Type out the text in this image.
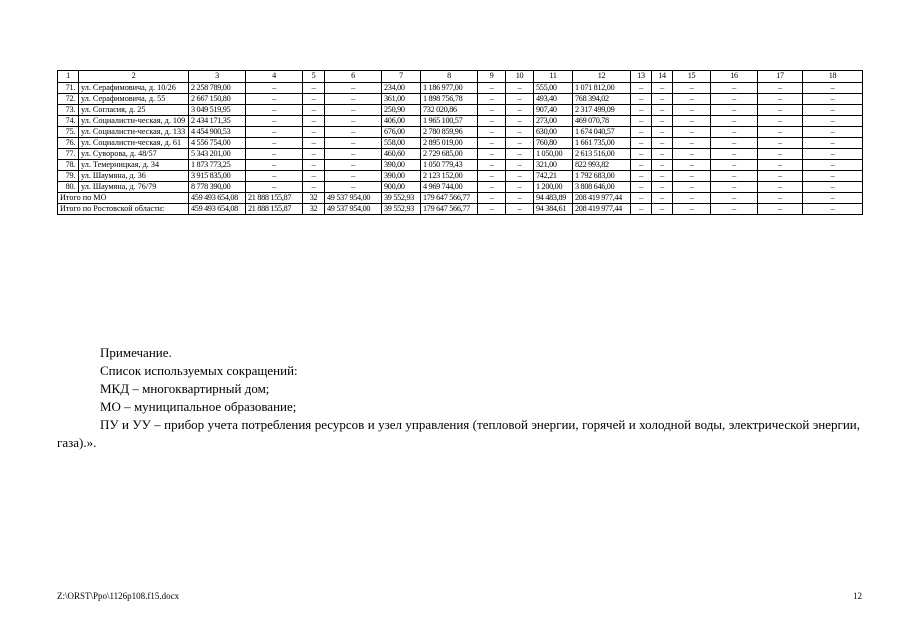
1	2	3	4	5	6	7	8	9	10	11	12	13	14	15	16	17	18
71.	ул. Серафимовича, д. 10/26	2 258 789,00	–	–	–	234,00	1 186 977,00	–	–	555,00	1 071 812,00	–	–	–	–	–	–
72.	ул. Серафимовича, д. 55	2 667 150,80	–	–	–	361,00	1 898 756,78	–	–	493,40	768 394,02	–	–	–	–	–	–
73.	ул. Согласия, д. 25	3 049 519,95	–	–	–	250,90	732 020,86	–	–	907,40	2 317 499,09	–	–	–	–	–	–
74.	ул. Социалисти-ческая, д. 109	2 434 171,35	–	–	–	406,00	1 965 100,57	–	–	273,00	469 070,78	–	–	–	–	–	–
75.	ул. Социалисти-ческая, д. 133	4 454 900,53	–	–	–	676,00	2 780 859,96	–	–	630,00	1 674 040,57	–	–	–	–	–	–
76.	ул. Социалисти-ческая, д. 61	4 556 754,00	–	–	–	558,00	2 895 019,00	–	–	760,80	1 661 735,00	–	–	–	–	–	–
77.	ул. Суворова, д. 48/57	5 343 201,00	–	–	–	460,60	2 729 685,00	–	–	1 050,00	2 613 516,00	–	–	–	–	–	–
78.	ул. Темерницкая, д. 34	1 873 773,25	–	–	–	390,00	1 050 779,43	–	–	321,00	822 993,82	–	–	–	–	–	–
79.	ул. Шаумяна, д. 36	3 915 835,00	–	–	–	390,00	2 123 152,00	–	–	742,21	1 792 683,00	–	–	–	–	–	–
80.	ул. Шаумяна, д. 76/79	8 778 390,00	–	–	–	900,00	4 969 744,00	–	–	1 200,00	3 808 646,00	–	–	–	–	–	–
Итого по МО		459 493 654,08	21 888 155,87	32	49 537 954,00	39 552,93	179 647 566,77	–	–	94 483,89	208 419 977,44	–	–	–	–	–	–
Итого по Ростовской области:		459 493 654,08	21 888 155,87	32	49 537 954,00	39 552,93	179 647 566,77	–	–	94 384,61	208 419 977,44	–	–	–	–	–	–

Примечание.

Список используемых сокращений:

МКД – многоквартирный дом;

МО – муниципальное образование;

ПУ и УУ – прибор учета потребления ресурсов и узел управления (тепловой энергии, горячей и холодной воды, электрической энергии, газа).».

Z:\ORST\Ppo\1126p108.f15.docx	12
